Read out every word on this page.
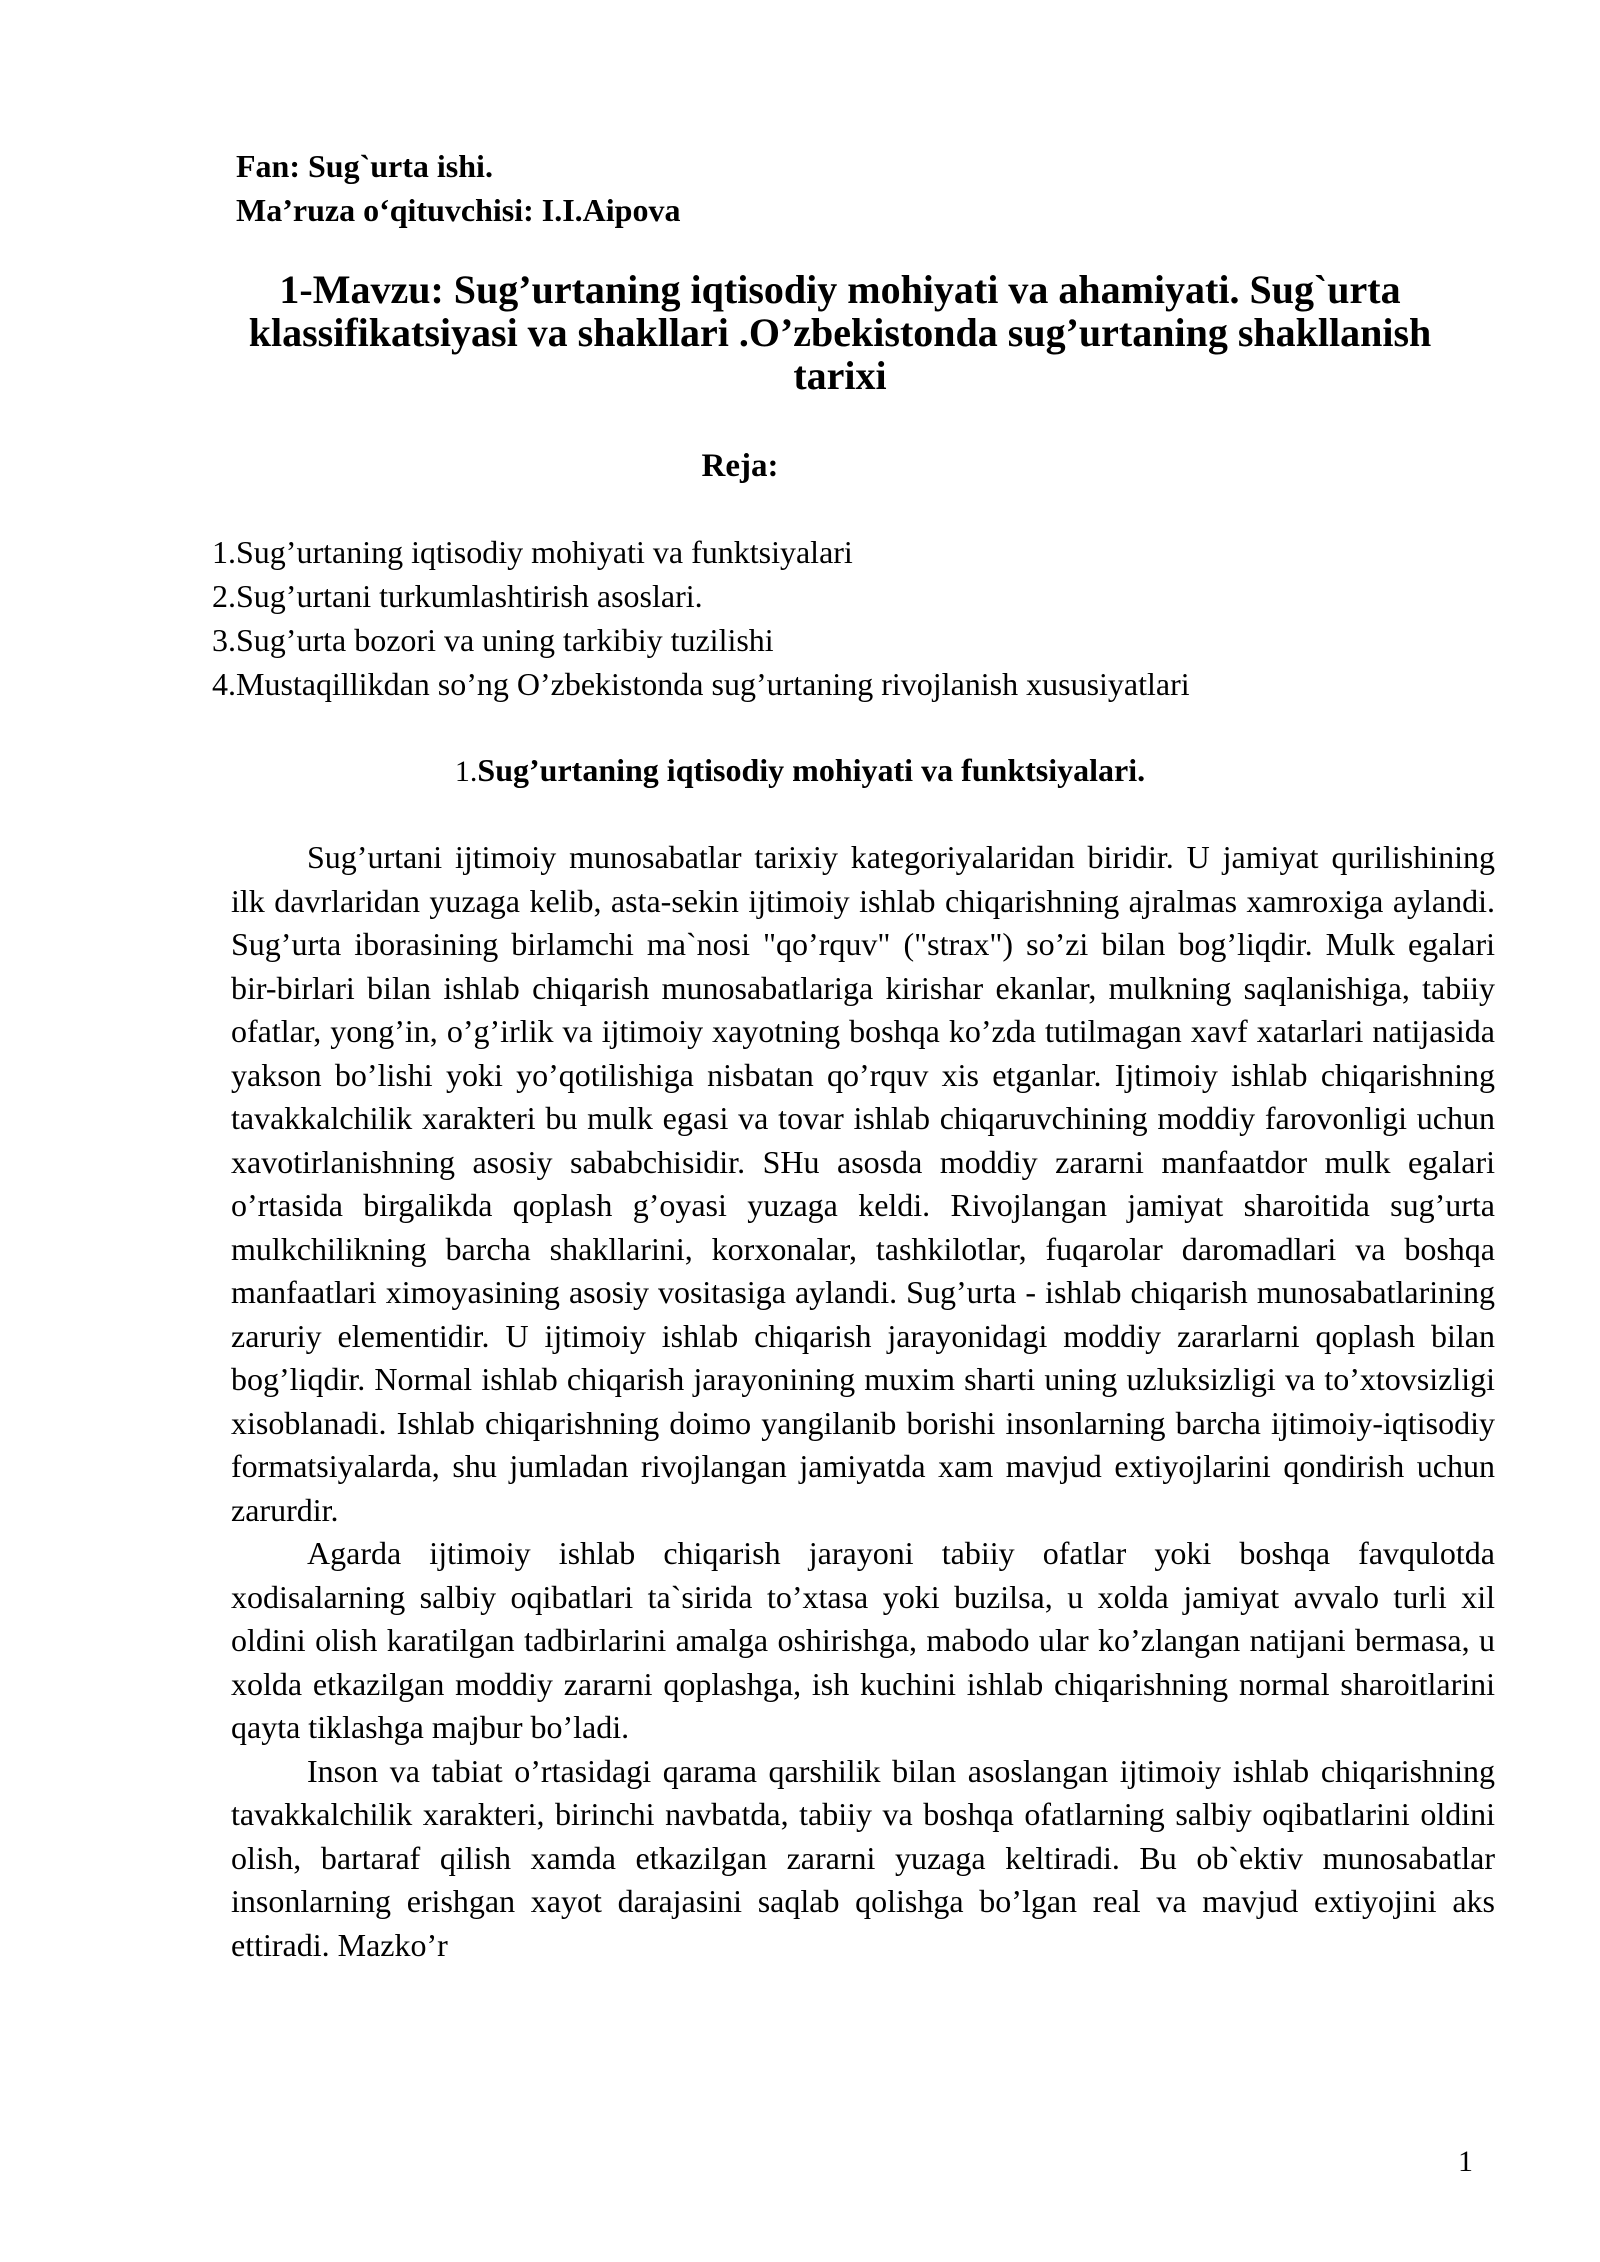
Fan: Sug`urta ishi.
Ma’ruza o‘qituvchisi: I.I.Aipova
1-Mavzu: Sug’urtaning iqtisodiy mohiyati va ahamiyati. Sug`urta
klassifikatsiyasi va shakllari .O’zbekistonda sug’urtaning shakllanish
tarixi
Reja:
1.Sug’urtaning iqtisodiy mohiyati va funktsiyalari
2.Sug’urtani turkumlashtirish asoslari.
3.Sug’urta bozori va uning tarkibiy tuzilishi
4.Mustaqillikdan so’ng O’zbekistonda sug’urtaning rivojlanish xususiyatlari
1.Sug’urtaning iqtisodiy mohiyati va funktsiyalari.

Sug’urtani ijtimoiy munosabatlar tarixiy kategoriyalaridan biridir. U jamiyat qurilishining ilk davrlaridan yuzaga kelib, asta-sekin ijtimoiy ishlab chiqarishning ajralmas xamroxiga aylandi. Sug’urta iborasining birlamchi ma`nosi "qo’rquv" ("strax") so’zi bilan bog’liqdir. Mulk egalari bir-birlari bilan ishlab chiqarish munosabatlariga kirishar ekanlar, mulkning saqlanishiga, tabiiy ofatlar, yong’in, o’g’irlik va ijtimoiy xayotning boshqa ko’zda tutilmagan xavf xatarlari natijasida yakson bo’lishi yoki yo’qotilishiga nisbatan qo’rquv xis etganlar. Ijtimoiy ishlab chiqarishning tavakkalchilik xarakteri bu mulk egasi va tovar ishlab chiqaruvchining moddiy farovonligi uchun xavotirlanishning asosiy sababchisidir. SHu asosda moddiy zararni manfaatdor mulk egalari o’rtasida birgalikda qoplash g’oyasi yuzaga keldi. Rivojlangan jamiyat sharoitida sug’urta mulkchilikning barcha shakllarini, korxonalar, tashkilotlar, fuqarolar daromadlari va boshqa manfaatlari ximoyasining asosiy vositasiga aylandi. Sug’urta - ishlab chiqarish munosabatlarining zaruriy elementidir. U ijtimoiy ishlab chiqarish jarayonidagi moddiy zararlarni qoplash bilan bog’liqdir. Normal ishlab chiqarish jarayonining muxim sharti uning uzluksizligi va to’xtovsizligi xisoblanadi. Ishlab chiqarishning doimo yangilanib borishi insonlarning barcha ijtimoiy-iqtisodiy formatsiyalarda, shu jumladan rivojlangan jamiyatda xam mavjud extiyojlarini qondirish uchun zarurdir.

Agarda ijtimoiy ishlab chiqarish jarayoni tabiiy ofatlar yoki boshqa favqulotda xodisalarning salbiy oqibatlari ta`sirida to’xtasa yoki buzilsa, u xolda jamiyat avvalo turli xil oldini olish karatilgan tadbirlarini amalga oshirishga, mabodo ular ko’zlangan natijani bermasa, u xolda etkazilgan moddiy zararni qoplashga, ish kuchini ishlab chiqarishning normal sharoitlarini qayta tiklashga majbur bo’ladi.

Inson va tabiat o’rtasidagi qarama qarshilik bilan asoslangan ijtimoiy ishlab chiqarishning tavakkalchilik xarakteri, birinchi navbatda, tabiiy va boshqa ofatlarning salbiy oqibatlarini oldini olish, bartaraf qilish xamda etkazilgan zararni yuzaga keltiradi. Bu ob`ektiv munosabatlar insonlarning erishgan xayot darajasini saqlab qolishga bo’lgan real va mavjud extiyojini aks ettiradi. Mazko’r

1
